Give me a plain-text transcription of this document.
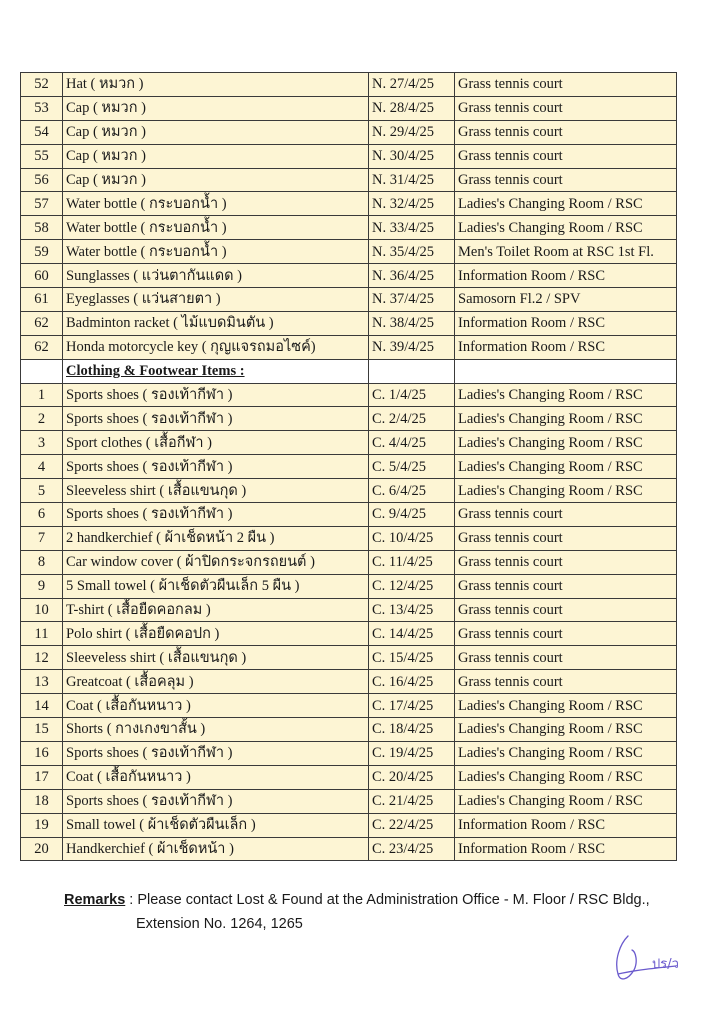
52	Hat ( หมวก )	N. 27/4/25	Grass tennis court
53	Cap ( หมวก )	N. 28/4/25	Grass tennis court
54	Cap ( หมวก )	N. 29/4/25	Grass tennis court
55	Cap ( หมวก )	N. 30/4/25	Grass tennis court
56	Cap ( หมวก )	N. 31/4/25	Grass tennis court
57	Water bottle ( กระบอกน้ำ )	N. 32/4/25	Ladies's Changing Room / RSC
58	Water bottle ( กระบอกน้ำ )	N. 33/4/25	Ladies's Changing Room / RSC
59	Water bottle ( กระบอกน้ำ )	N. 35/4/25	Men's Toilet Room at RSC 1st Fl.
60	Sunglasses ( แว่นตากันแดด )	N. 36/4/25	Information Room / RSC
61	Eyeglasses ( แว่นสายตา )	N. 37/4/25	Samosorn Fl.2 / SPV
62	Badminton racket ( ไม้แบดมินตัน )	N. 38/4/25	Information Room / RSC
62	Honda motorcycle key ( กุญแจรถมอไซค์)	N. 39/4/25	Information Room / RSC
	Clothing & Footwear Items :		
1	Sports shoes ( รองเท้ากีฬา )	C. 1/4/25	Ladies's Changing Room / RSC
2	Sports shoes ( รองเท้ากีฬา )	C. 2/4/25	Ladies's Changing Room / RSC
3	Sport clothes ( เสื้อกีฬา )	C. 4/4/25	Ladies's Changing Room / RSC
4	Sports shoes ( รองเท้ากีฬา )	C. 5/4/25	Ladies's Changing Room / RSC
5	Sleeveless shirt ( เสื้อแขนกุด )	C. 6/4/25	Ladies's Changing Room / RSC
6	Sports shoes ( รองเท้ากีฬา )	C. 9/4/25	Grass tennis court
7	2 handkerchief ( ผ้าเช็ดหน้า 2 ผืน )	C. 10/4/25	Grass tennis court
8	Car window cover ( ผ้าปิดกระจกรถยนต์ )	C. 11/4/25	Grass tennis court
9	5 Small towel ( ผ้าเช็ดตัวผืนเล็ก 5 ผืน )	C. 12/4/25	Grass tennis court
10	T-shirt ( เสื้อยืดคอกลม )	C. 13/4/25	Grass tennis court
11	Polo shirt ( เสื้อยืดคอปก )	C. 14/4/25	Grass tennis court
12	Sleeveless shirt ( เสื้อแขนกุด )	C. 15/4/25	Grass tennis court
13	Greatcoat ( เสื้อคลุม )	C. 16/4/25	Grass tennis court
14	Coat ( เสื้อกันหนาว )	C. 17/4/25	Ladies's Changing Room / RSC
15	Shorts ( กางเกงขาสั้น )	C. 18/4/25	Ladies's Changing Room / RSC
16	Sports shoes ( รองเท้ากีฬา )	C. 19/4/25	Ladies's Changing Room / RSC
17	Coat ( เสื้อกันหนาว )	C. 20/4/25	Ladies's Changing Room / RSC
18	Sports shoes ( รองเท้ากีฬา )	C. 21/4/25	Ladies's Changing Room / RSC
19	Small towel ( ผ้าเช็ดตัวผืนเล็ก )	C. 22/4/25	Information Room / RSC
20	Handkerchief ( ผ้าเช็ดหน้า )	C. 23/4/25	Information Room / RSC
Remarks : Please contact Lost & Found at the Administration Office - M. Floor / RSC Bldg.,
Extension No. 1264, 1265
ปร/ว
